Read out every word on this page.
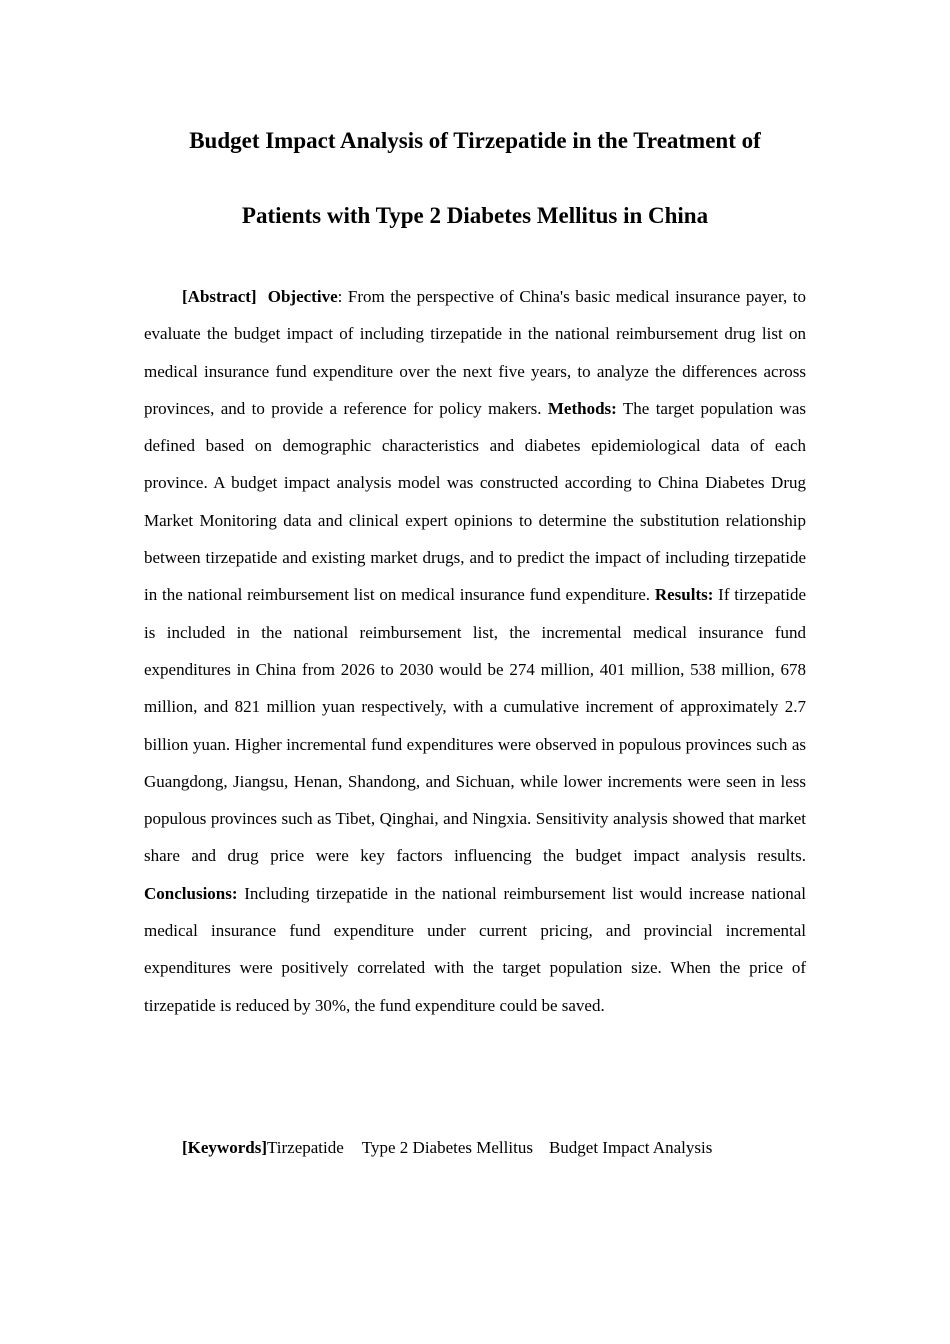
Budget Impact Analysis of Tirzepatide in the Treatment of
Patients with Type 2 Diabetes Mellitus in China

[Abstract] Objective: From the perspective of China's basic medical insurance payer, to evaluate the budget impact of including tirzepatide in the national reimbursement drug list on medical insurance fund expenditure over the next five years, to analyze the differences across provinces, and to provide a reference for policy makers. Methods: The target population was defined based on demographic characteristics and diabetes epidemiological data of each province. A budget impact analysis model was constructed according to China Diabetes Drug Market Monitoring data and clinical expert opinions to determine the substitution relationship between tirzepatide and existing market drugs, and to predict the impact of including tirzepatide in the national reimbursement list on medical insurance fund expenditure. Results: If tirzepatide is included in the national reimbursement list, the incremental medical insurance fund expenditures in China from 2026 to 2030 would be 274 million, 401 million, 538 million, 678 million, and 821 million yuan respectively, with a cumulative increment of approximately 2.7 billion yuan. Higher incremental fund expenditures were observed in populous provinces such as Guangdong, Jiangsu, Henan, Shandong, and Sichuan, while lower increments were seen in less populous provinces such as Tibet, Qinghai, and Ningxia. Sensitivity analysis showed that market share and drug price were key factors influencing the budget impact analysis results. Conclusions: Including tirzepatide in the national reimbursement list would increase national medical insurance fund expenditure under current pricing, and provincial incremental expenditures were positively correlated with the target population size. When the price of tirzepatide is reduced by 30%, the fund expenditure could be saved.

[Keywords]Tirzepatide Type 2 Diabetes Mellitus Budget Impact Analysis
